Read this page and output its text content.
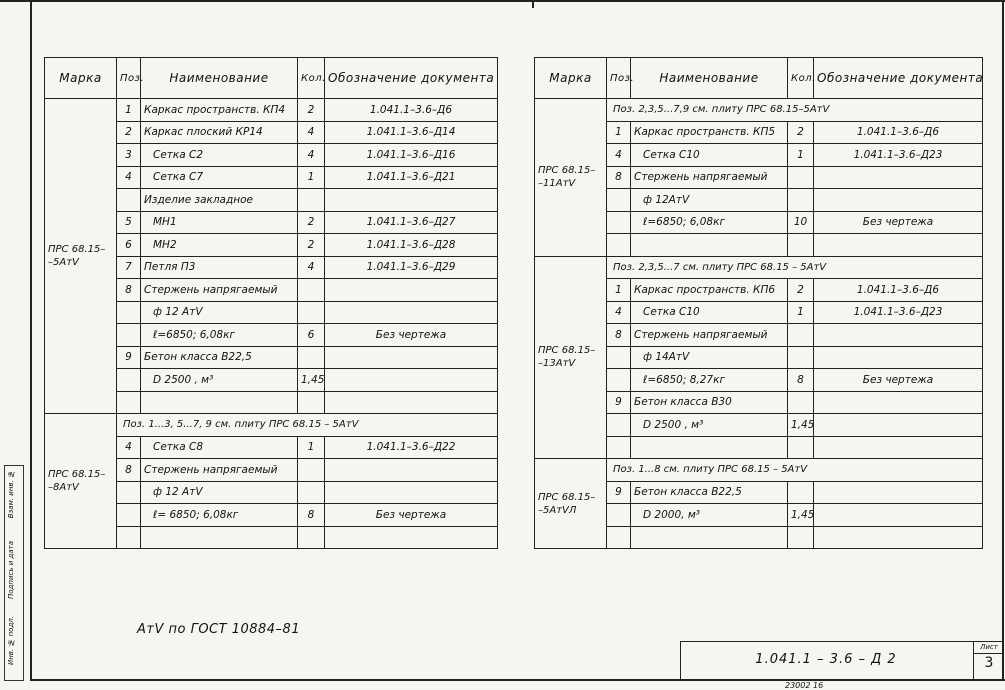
Марка	Поз.	Наименование	Кол.	Обозначение документа
ПРС 68.15– –5АтⅤ	1	Каркас пространств. КП4	2	1.041.1–3.6–Д6
	2	Каркас плоский КР14	4	1.041.1–3.6–Д14
	3	Сетка С2	4	1.041.1–3.6–Д16
	4	Сетка С7	1	1.041.1–3.6–Д21
		Изделие закладное		
	5	МН1	2	1.041.1–3.6–Д27
	6	МН2	2	1.041.1–3.6–Д28
	7	Петля П3	4	1.041.1–3.6–Д29
	8	Стержень напрягаемый		
		ф 12 АтⅤ		
		ℓ=6850; 6,08кг	6	Без чертежа
	9	Бетон класса В22,5		
		D 2500 , м³	1,45	

ПРС 68.15– –8АтⅤ	Поз. 1...3, 5...7, 9 см. плиту ПРС 68.15 – 5АтⅤ			
	4	Сетка С8	1	1.041.1–3.6–Д22
	8	Стержень напрягаемый		
		ф 12 АтⅤ		
		ℓ= 6850; 6,08кг	8	Без чертежа

Марка	Поз.	Наименование	Кол.	Обозначение документа
ПРС 68.15– –11АтⅤ	Поз. 2,3,5...7,9 см. плиту ПРС 68.15–5АтⅤ			
	1	Каркас пространств. КП5	2	1.041.1–3.6–Д6
	4	Сетка С10	1	1.041.1–3.6–Д23
	8	Стержень напрягаемый		
		ф 12АтⅤ		
		ℓ=6850; 6,08кг	10	Без чертежа

ПРС 68.15– –13АтⅤ	Поз. 2,3,5...7 см. плиту ПРС 68.15 – 5АтⅤ			
	1	Каркас пространств. КП6	2	1.041.1–3.6–Д6
	4	Сетка С10	1	1.041.1–3.6–Д23
	8	Стержень напрягаемый		
		ф 14АтⅤ		
		ℓ=6850; 8,27кг	8	Без чертежа
	9	Бетон класса В30		
		D 2500 , м³	1,45	

ПРС 68.15– –5АтⅤЛ	Поз. 1...8 см. плиту ПРС 68.15 – 5АтⅤ			
	9	Бетон класса В22,5		
		D 2000, м³	1,45	

Инв. № подл.
Подпись и дата
Взам. инв. №
АтⅤ по ГОСТ 10884–81
1.041.1 – 3.6 – Д 2
Лист
3
23002 16
